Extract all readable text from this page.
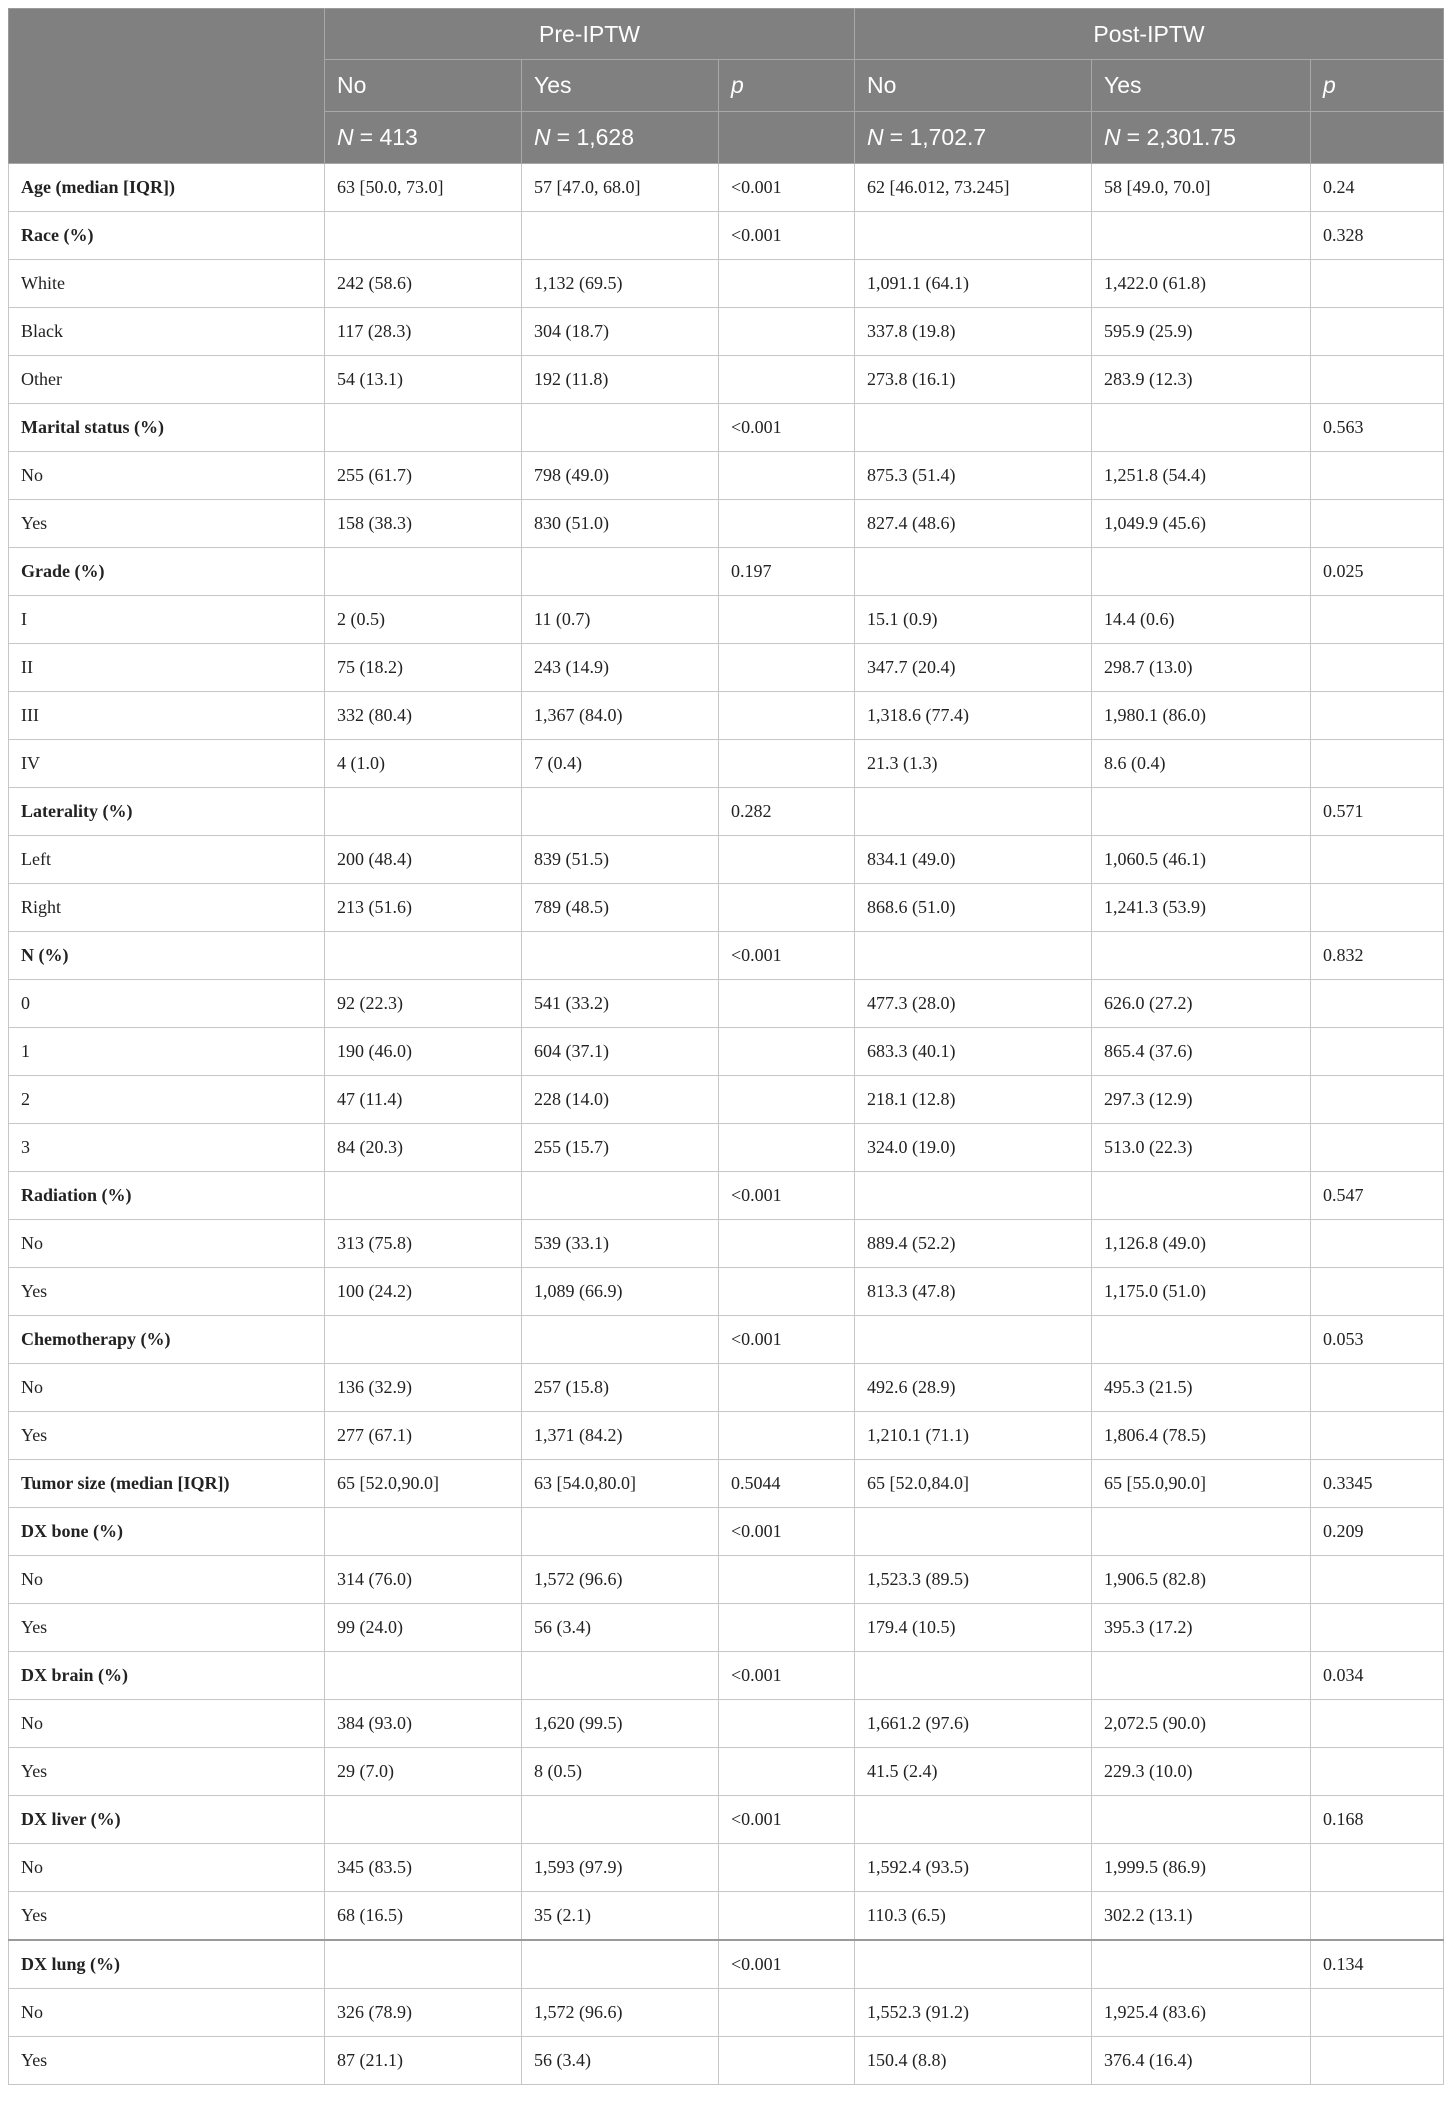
	Pre-IPTW			Post-IPTW		
	No	Yes	p	No	Yes	p
	N = 413	N = 1,628		N = 1,702.7	N = 2,301.75	
Age (median [IQR])	63 [50.0, 73.0]	57 [47.0, 68.0]	<0.001	62 [46.012, 73.245]	58 [49.0, 70.0]	0.24
Race (%)			<0.001			0.328
White	242 (58.6)	1,132 (69.5)		1,091.1 (64.1)	1,422.0 (61.8)	
Black	117 (28.3)	304 (18.7)		337.8 (19.8)	595.9 (25.9)	
Other	54 (13.1)	192 (11.8)		273.8 (16.1)	283.9 (12.3)	
Marital status (%)			<0.001			0.563
No	255 (61.7)	798 (49.0)		875.3 (51.4)	1,251.8 (54.4)	
Yes	158 (38.3)	830 (51.0)		827.4 (48.6)	1,049.9 (45.6)	
Grade (%)			0.197			0.025
I	2 (0.5)	11 (0.7)		15.1 (0.9)	14.4 (0.6)	
II	75 (18.2)	243 (14.9)		347.7 (20.4)	298.7 (13.0)	
III	332 (80.4)	1,367 (84.0)		1,318.6 (77.4)	1,980.1 (86.0)	
IV	4 (1.0)	7 (0.4)		21.3 (1.3)	8.6 (0.4)	
Laterality (%)			0.282			0.571
Left	200 (48.4)	839 (51.5)		834.1 (49.0)	1,060.5 (46.1)	
Right	213 (51.6)	789 (48.5)		868.6 (51.0)	1,241.3 (53.9)	
N (%)			<0.001			0.832
0	92 (22.3)	541 (33.2)		477.3 (28.0)	626.0 (27.2)	
1	190 (46.0)	604 (37.1)		683.3 (40.1)	865.4 (37.6)	
2	47 (11.4)	228 (14.0)		218.1 (12.8)	297.3 (12.9)	
3	84 (20.3)	255 (15.7)		324.0 (19.0)	513.0 (22.3)	
Radiation (%)			<0.001			0.547
No	313 (75.8)	539 (33.1)		889.4 (52.2)	1,126.8 (49.0)	
Yes	100 (24.2)	1,089 (66.9)		813.3 (47.8)	1,175.0 (51.0)	
Chemotherapy (%)			<0.001			0.053
No	136 (32.9)	257 (15.8)		492.6 (28.9)	495.3 (21.5)	
Yes	277 (67.1)	1,371 (84.2)		1,210.1 (71.1)	1,806.4 (78.5)	
Tumor size (median [IQR])	65 [52.0,90.0]	63 [54.0,80.0]	0.5044	65 [52.0,84.0]	65 [55.0,90.0]	0.3345
DX bone (%)			<0.001			0.209
No	314 (76.0)	1,572 (96.6)		1,523.3 (89.5)	1,906.5 (82.8)	
Yes	99 (24.0)	56 (3.4)		179.4 (10.5)	395.3 (17.2)	
DX brain (%)			<0.001			0.034
No	384 (93.0)	1,620 (99.5)		1,661.2 (97.6)	2,072.5 (90.0)	
Yes	29 (7.0)	8 (0.5)		41.5 (2.4)	229.3 (10.0)	
DX liver (%)			<0.001			0.168
No	345 (83.5)	1,593 (97.9)		1,592.4 (93.5)	1,999.5 (86.9)	
Yes	68 (16.5)	35 (2.1)		110.3 (6.5)	302.2 (13.1)	
DX lung (%)			<0.001			0.134
No	326 (78.9)	1,572 (96.6)		1,552.3 (91.2)	1,925.4 (83.6)	
Yes	87 (21.1)	56 (3.4)		150.4 (8.8)	376.4 (16.4)	
